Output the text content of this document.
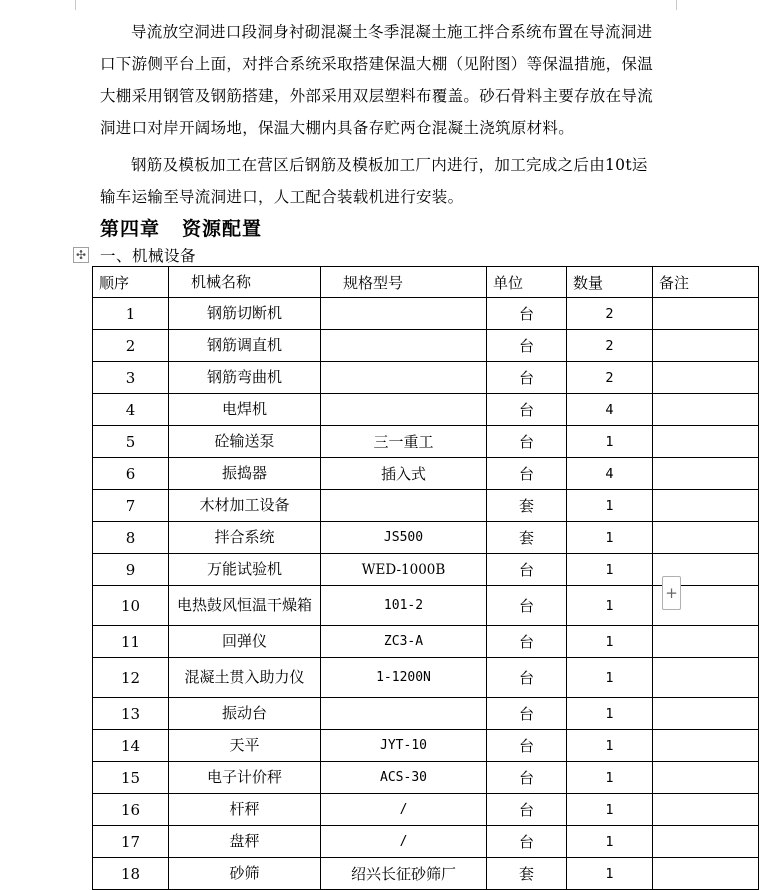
导流放空洞进口段洞身衬砌混凝土冬季混凝土施工拌合系统布置在导流洞进口下游侧平台上面，对拌合系统采取搭建保温大棚（见附图）等保温措施，保温大棚采用钢管及钢筋搭建，外部采用双层塑料布覆盖。砂石骨料主要存放在导流洞进口对岸开阔场地，保温大棚内具备存贮两仓混凝土浇筑原材料。

钢筋及模板加工在营区后钢筋及模板加工厂内进行，加工完成之后由10t运输车运输至导流洞进口，人工配合装载机进行安装。

第四章 资源配置
✣ 一、机械设备

顺序	机械名称	规格型号	单位	数量	备注
1	钢筋切断机		台	2	
2	钢筋调直机		台	2	
3	钢筋弯曲机		台	2	
4	电焊机		台	4	
5	砼输送泵	三一重工	台	1	
6	振捣器	插入式	台	4	
7	木材加工设备		套	1	
8	拌合系统	JS500	套	1	
9	万能试验机	WED-1000B	台	1	
10	电热鼓风恒温干燥箱	101-2	台	1	
11	回弹仪	ZC3-A	台	1	
12	混凝土贯入助力仪	1-1200N	台	1	
13	振动台		台	1	
14	天平	JYT-10	台	1	
15	电子计价秤	ACS-30	台	1	
16	杆秤	/	台	1	
17	盘秤	/	台	1	
18	砂筛	绍兴长征砂筛厂	套	1	
+
